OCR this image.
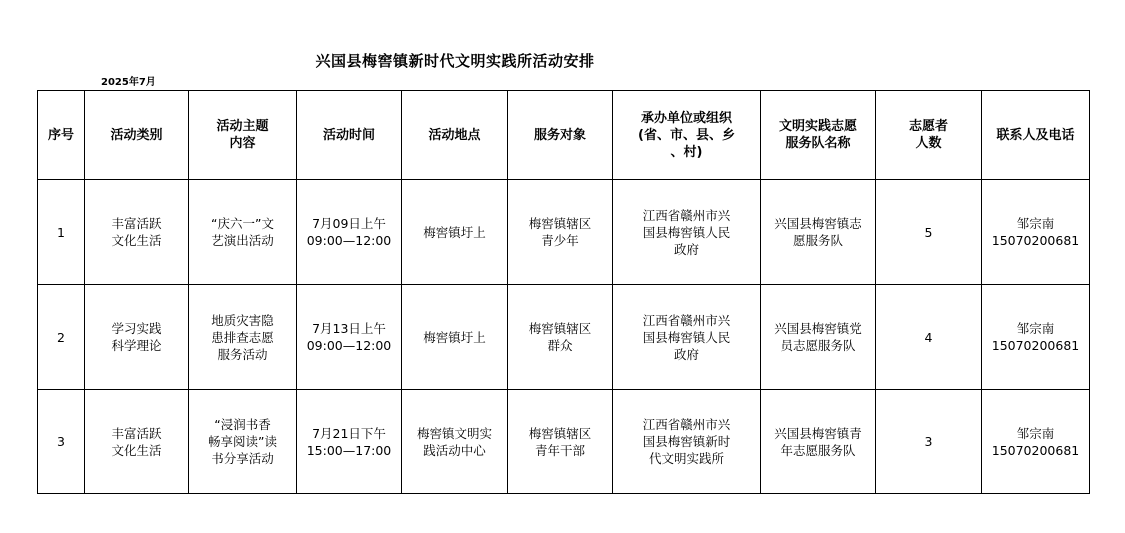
兴国县梅窖镇新时代文明实践所活动安排
2025年7月
序号	活动类别	活动主题
内容	活动时间	活动地点	服务对象	承办单位或组织
(省、市、县、乡
、村)	文明实践志愿
服务队名称	志愿者
人数	联系人及电话

1	丰富活跃
文化生活	“庆六一”文
艺演出活动	7月09日上午
09:00—12:00	梅窖镇圩上	梅窖镇辖区
青少年	江西省赣州市兴
国县梅窖镇人民
政府	兴国县梅窖镇志
愿服务队	5	邹宗南
15070200681

2	学习实践
科学理论	地质灾害隐
患排查志愿
服务活动	7月13日上午
09:00—12:00	梅窖镇圩上	梅窖镇辖区
群众	江西省赣州市兴
国县梅窖镇人民
政府	兴国县梅窖镇党
员志愿服务队	4	邹宗南
15070200681

3	丰富活跃
文化生活	“浸润书香
畅享阅读”读
书分享活动	7月21日下午
15:00—17:00	梅窖镇文明实
践活动中心	梅窖镇辖区
青年干部	江西省赣州市兴
国县梅窖镇新时
代文明实践所	兴国县梅窖镇青
年志愿服务队	3	邹宗南
15070200681
